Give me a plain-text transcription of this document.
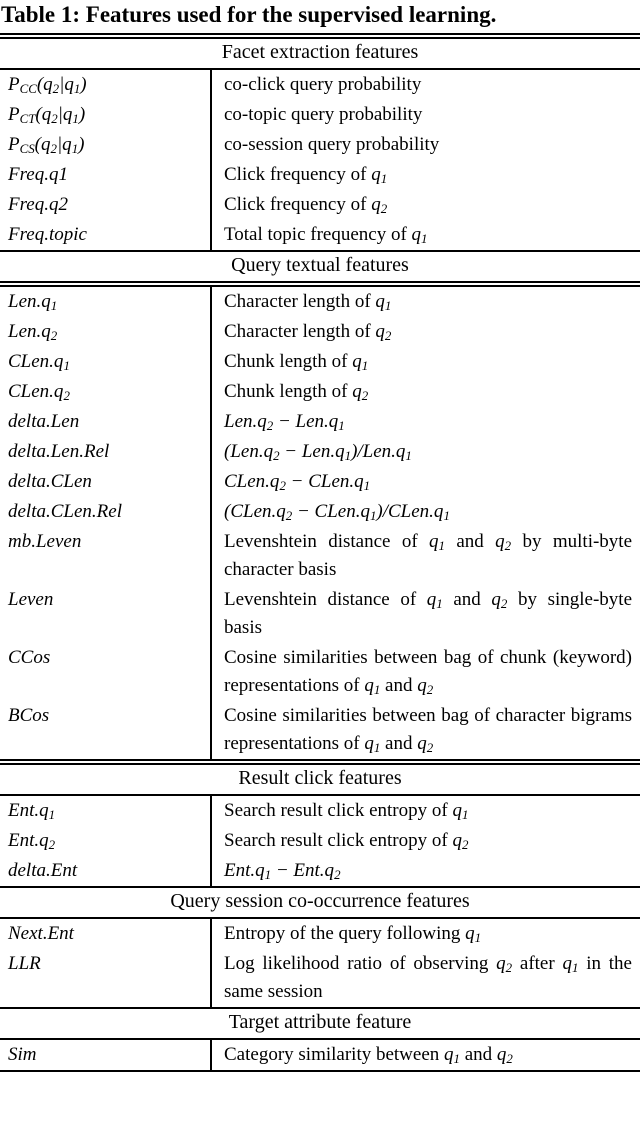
Table 1: Features used for the supervised learning.
Facet extraction features
$P_{CC}(q_2|q_1)$	co-click query probability
$P_{CT}(q_2|q_1)$	co-topic query probability
$P_{CS}(q_2|q_1)$	co-session query probability
Freq.q1	Click frequency of $q_1$
Freq.q2	Click frequency of $q_2$
Freq.topic	Total topic frequency of $q_1$
Query textual features
$Len.q_1$	Character length of $q_1$
$Len.q_2$	Character length of $q_2$
$CLen.q_1$	Chunk length of $q_1$
$CLen.q_2$	Chunk length of $q_2$
delta.Len	$Len.q_2 - Len.q_1$
delta.Len.Rel	$(Len.q_2 - Len.q_1)/Len.q_1$
delta.CLen	$CLen.q_2$ − $CLen.q_1$
delta.CLen.Rel	($CLen.q_2$ − $CLen.q_1)/CLen.q_1$
mb.Leven	Levenshtein distance of $q_1$ and $q_2$ by multi-byte character basis
Leven	Levenshtein distance of $q_1$ and $q_2$ by single-byte basis
CCos	Cosine similarities between bag of chunk (keyword) representations of $q_1$ and $q_2$
BCos	Cosine similarities between bag of character bigrams representations of $q_1$ and $q_2$
Result click features
$Ent.q_1$	Search result click entropy of $q_1$
$Ent.q_2$	Search result click entropy of $q_2$
delta.Ent	$Ent.q_1 - Ent.q_2$
Query session co-occurrence features
Next.Ent	Entropy of the query following $q_1$
LLR	Log likelihood ratio of observing $q_2$ after $q_1$ in the same session
Target attribute feature
Sim	Category similarity between $q_1$ and $q_2$
